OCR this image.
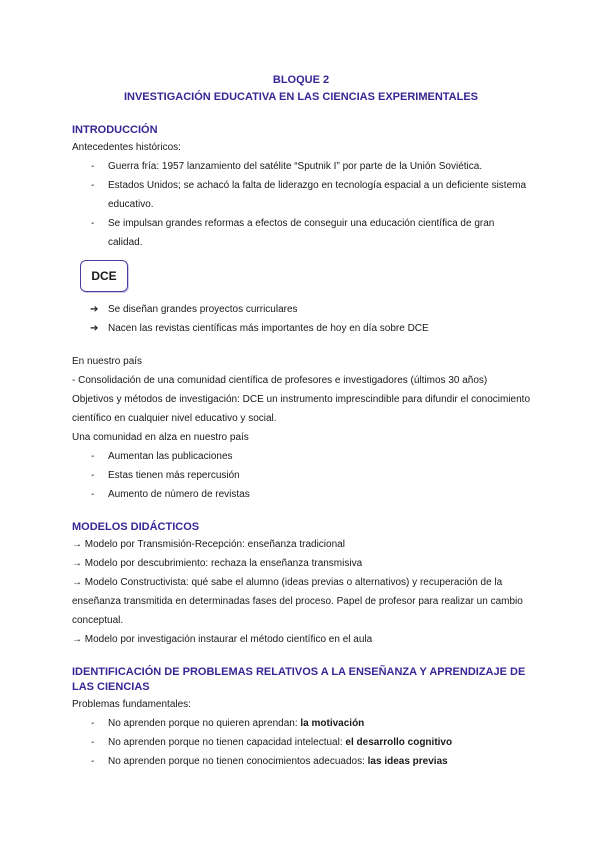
BLOQUE 2
INVESTIGACIÓN EDUCATIVA EN LAS CIENCIAS EXPERIMENTALES
INTRODUCCIÓN
Antecedentes históricos:
- Guerra fría: 1957 lanzamiento del satélite “Sputnik I” por parte de la Unión Soviética.
- Estados Unidos; se achacó la falta de liderazgo en tecnología espacial a un deficiente sistema educativo.
- Se impulsan grandes reformas a efectos de conseguir una educación científica de gran calidad.
DCE
➔ Se diseñan grandes proyectos curriculares
➔ Nacen las revistas científicas más importantes de hoy en día sobre DCE
En nuestro país
- Consolidación de una comunidad científica de profesores e investigadores (últimos 30 años)
Objetivos y métodos de investigación: DCE un instrumento imprescindible para difundir el conocimiento científico en cualquier nivel educativo y social.
Una comunidad en alza en nuestro país
- Aumentan las publicaciones
- Estas tienen más repercusión
- Aumento de número de revistas
MODELOS DIDÁCTICOS
→ Modelo por Transmisión-Recepción: enseñanza tradicional
→ Modelo por descubrimiento: rechaza la enseñanza transmisiva
→ Modelo Constructivista: qué sabe el alumno (ideas previas o alternativos) y recuperación de la enseñanza transmitida en determinadas fases del proceso. Papel de profesor para realizar un cambio conceptual.
→ Modelo por investigación instaurar el método científico en el aula
IDENTIFICACIÓN DE PROBLEMAS RELATIVOS A LA ENSEÑANZA Y APRENDIZAJE DE LAS CIENCIAS
Problemas fundamentales:
- No aprenden porque no quieren aprendan: la motivación
- No aprenden porque no tienen capacidad intelectual: el desarrollo cognitivo
- No aprenden porque no tienen conocimientos adecuados: las ideas previas
